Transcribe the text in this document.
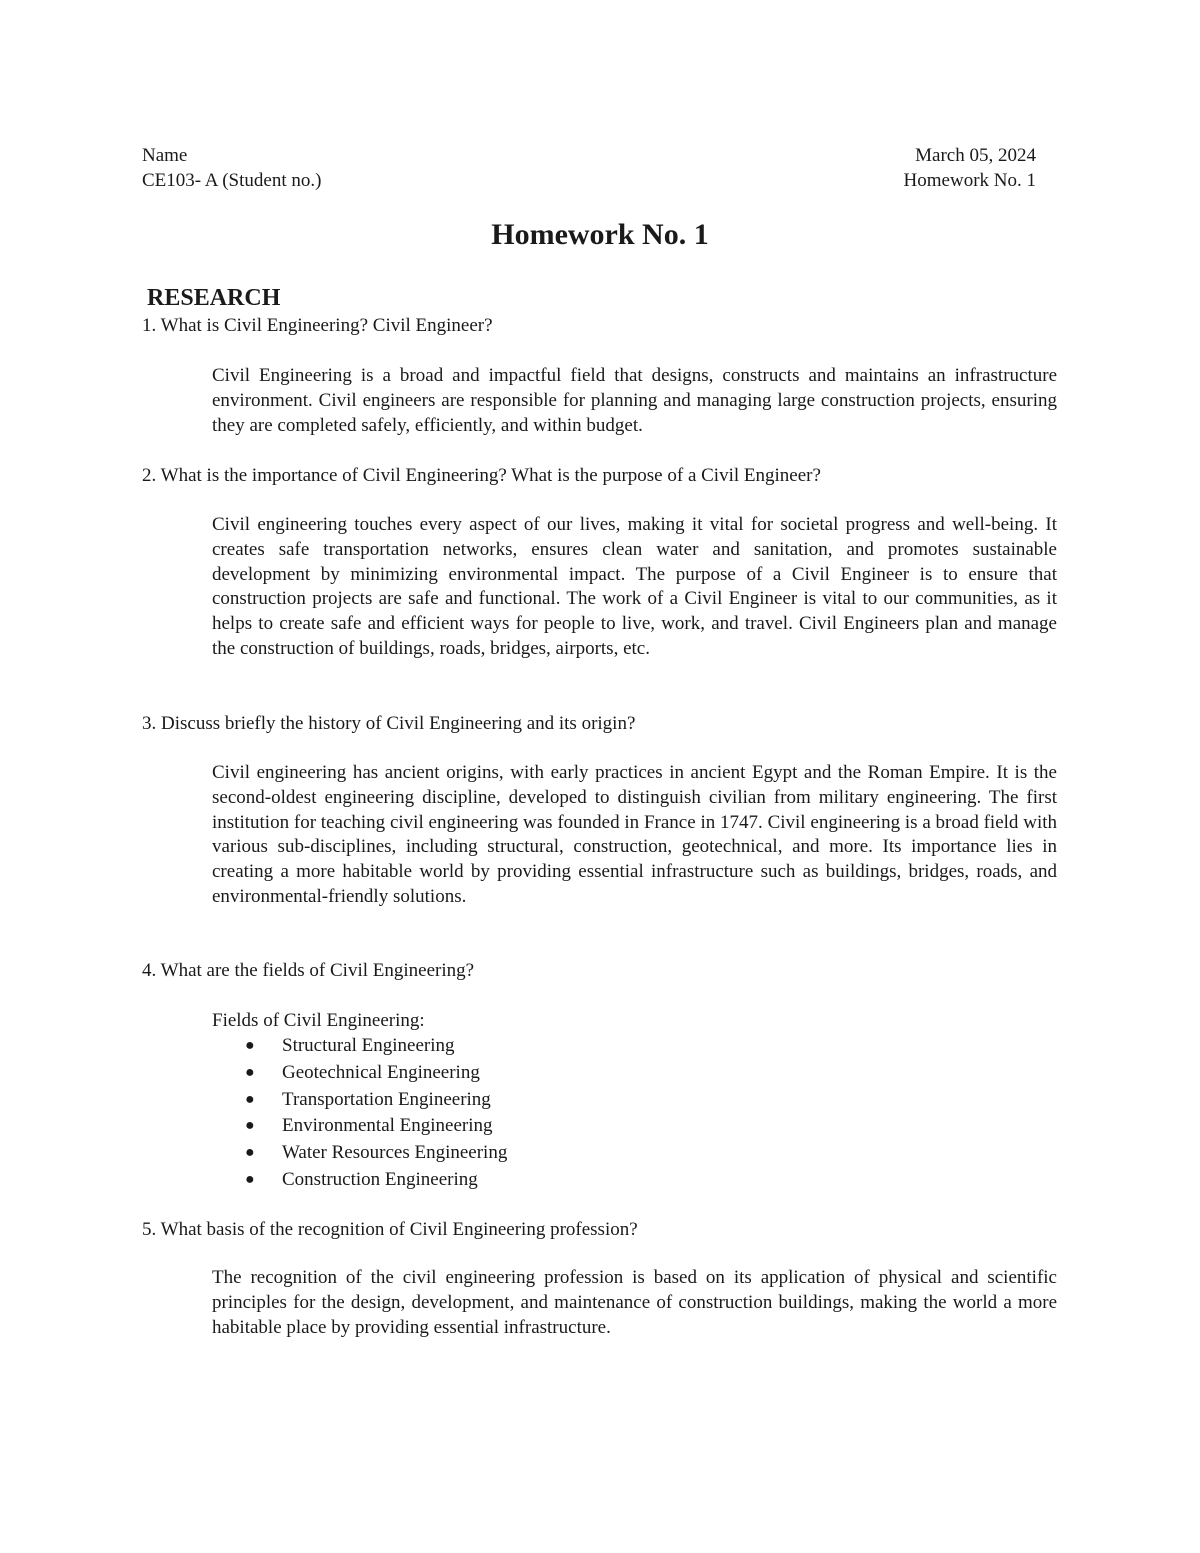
Name
CE103- A (Student no.)
March 05, 2024
Homework No. 1
Homework No. 1
RESEARCH
1. What is Civil Engineering? Civil Engineer?
Civil Engineering is a broad and impactful field that designs, constructs and maintains an infrastructure environment. Civil engineers are responsible for planning and managing large construction projects, ensuring they are completed safely, efficiently, and within budget.
2. What is the importance of Civil Engineering? What is the purpose of a Civil Engineer?
Civil engineering touches every aspect of our lives, making it vital for societal progress and well-being. It creates safe transportation networks, ensures clean water and sanitation, and promotes sustainable development by minimizing environmental impact. The purpose of a Civil Engineer is to ensure that construction projects are safe and functional. The work of a Civil Engineer is vital to our communities, as it helps to create safe and efficient ways for people to live, work, and travel. Civil Engineers plan and manage the construction of buildings, roads, bridges, airports, etc.
3. Discuss briefly the history of Civil Engineering and its origin?
Civil engineering has ancient origins, with early practices in ancient Egypt and the Roman Empire. It is the second-oldest engineering discipline, developed to distinguish civilian from military engineering. The first institution for teaching civil engineering was founded in France in 1747. Civil engineering is a broad field with various sub-disciplines, including structural, construction, geotechnical, and more. Its importance lies in creating a more habitable world by providing essential infrastructure such as buildings, bridges, roads, and environmental-friendly solutions.
4. What are the fields of Civil Engineering?
Fields of Civil Engineering:
● Structural Engineering
● Geotechnical Engineering
● Transportation Engineering
● Environmental Engineering
● Water Resources Engineering
● Construction Engineering
5. What basis of the recognition of Civil Engineering profession?
The recognition of the civil engineering profession is based on its application of physical and scientific principles for the design, development, and maintenance of construction buildings, making the world a more habitable place by providing essential infrastructure.
